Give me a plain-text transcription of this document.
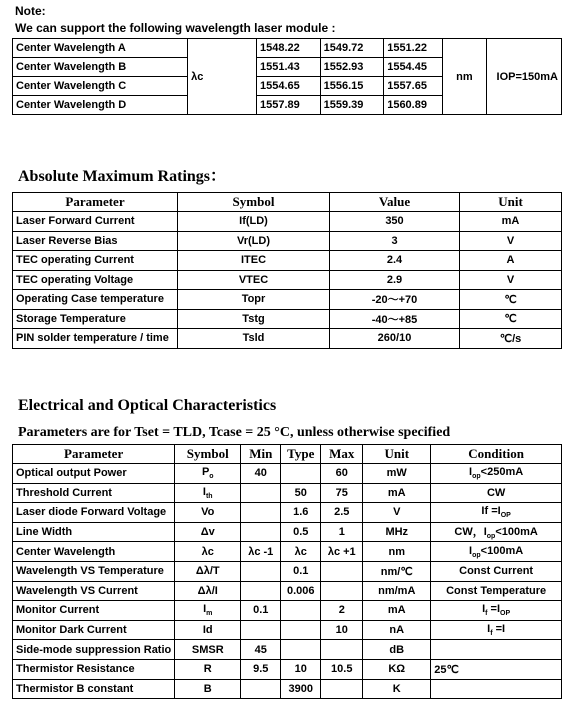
Note:
We can support the following wavelength laser module :
Center Wavelength A	λc	1548.22	1549.72	1551.22	nm	IOP=150mA
Center Wavelength B		1551.43	1552.93	1554.45		
Center Wavelength C		1554.65	1556.15	1557.65		
Center Wavelength D		1557.89	1559.39	1560.89		
Absolute Maximum Ratings：
Parameter	Symbol	Value	Unit
Laser Forward Current	If(LD)	350	mA
Laser Reverse Bias	Vr(LD)	3	V
TEC operating Current	ITEC	2.4	A
TEC operating Voltage	VTEC	2.9	V
Operating Case temperature	Topr	-20～+70	℃
Storage Temperature	Tstg	-40～+85	℃
PIN solder temperature / time	Tsld	260/10	℃/s
Electrical and Optical Characteristics
Parameters are for Tset = TLD, Tcase = 25 °C, unless otherwise specified
Parameter	Symbol	Min	Type	Max	Unit	Condition
Optical output Power	$P_o$	40		60	mW	$I_{op}<250mA$
Threshold Current	$I_{th}$		50	75	mA	CW
Laser diode Forward Voltage	Vo		1.6	2.5	V	$If =I_{OP}$
Line Width	Δv		0.5	1	MHz	CW，$I_{op}<100mA$
Center Wavelength	λc	λc -1	λc	λc +1	nm	$I_{op}<100mA$
Wavelength VS Temperature	Δλ/T		0.1		nm/℃	Const Current
Wavelength VS Current	Δλ/I		0.006		nm/mA	Const Temperature
Monitor Current	$I_m$	0.1		2	mA	$I_f =I_{OP}$
Monitor Dark Current	Id			10	nA	$I_f =I$
Side-mode suppression Ratio	SMSR	45			dB	
Thermistor Resistance	R	9.5	10	10.5	KΩ	25℃
Thermistor B constant	B		3900		K	
